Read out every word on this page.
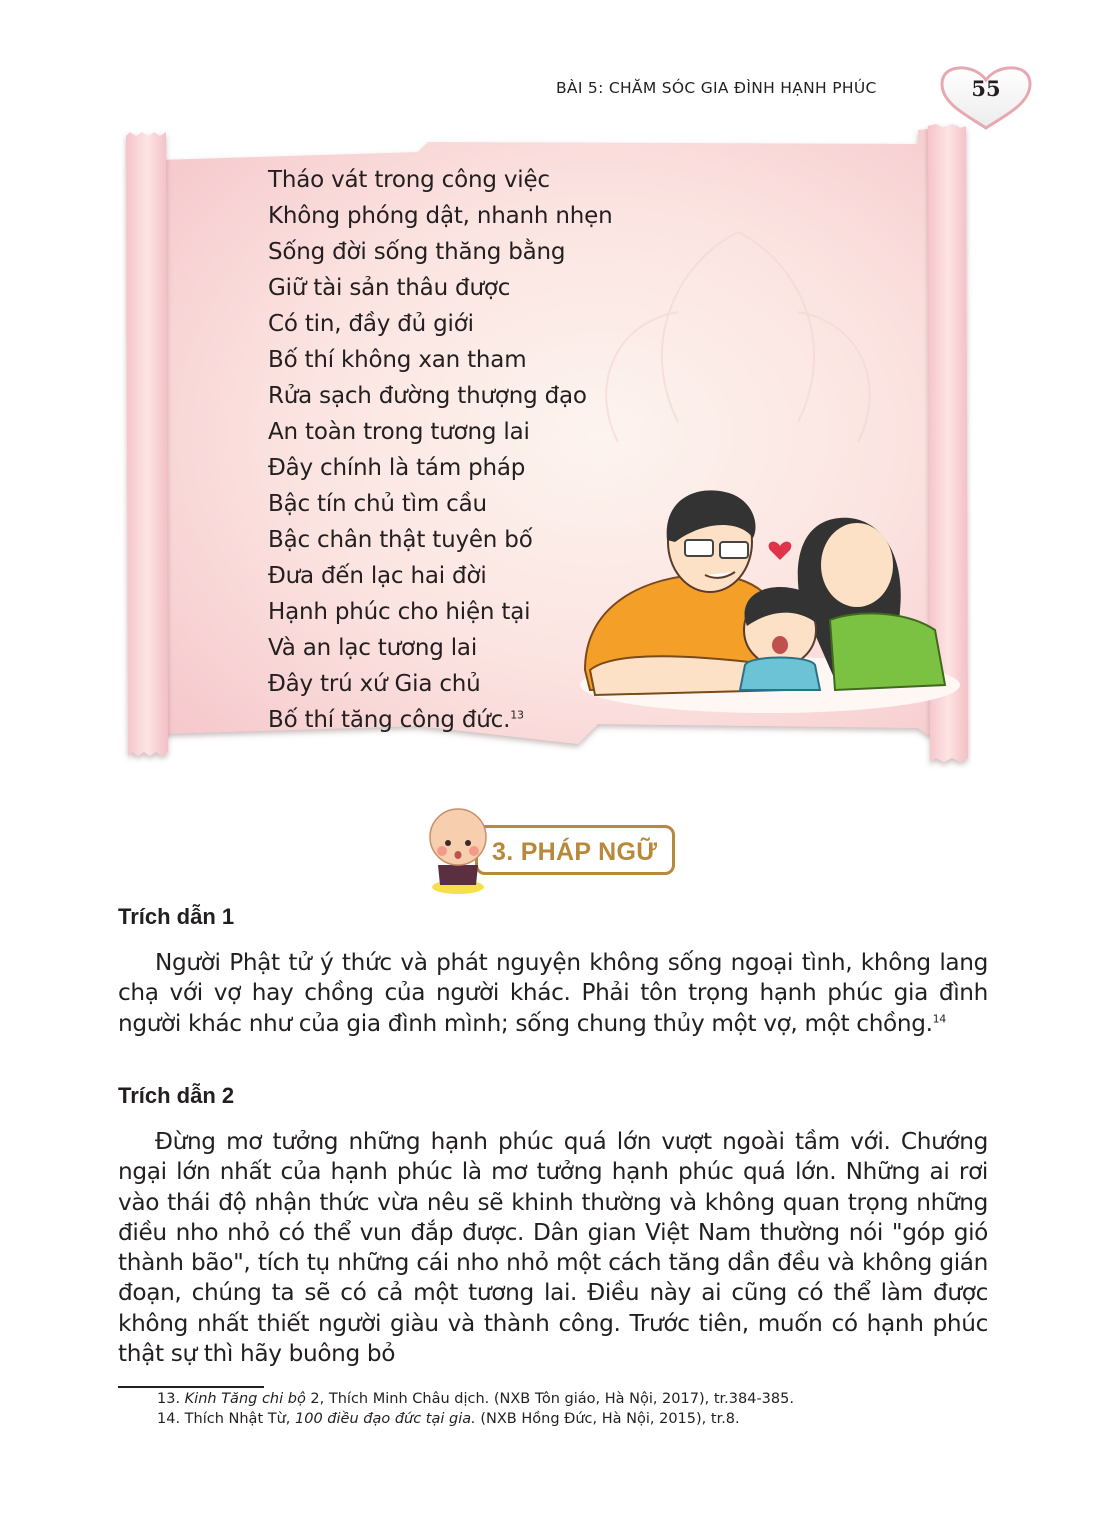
BÀI 5: CHĂM SÓC GIA ĐÌNH HẠNH PHÚC	55
Tháo vát trong công việc
Không phóng dật, nhanh nhẹn
Sống đời sống thăng bằng
Giữ tài sản thâu được
Có tin, đầy đủ giới
Bố thí không xan tham
Rửa sạch đường thượng đạo
An toàn trong tương lai
Đây chính là tám pháp
Bậc tín chủ tìm cầu
Bậc chân thật tuyên bố
Đưa đến lạc hai đời
Hạnh phúc cho hiện tại
Và an lạc tương lai
Đây trú xứ Gia chủ
Bố thí tăng công đức.$^{13}$
3. PHÁP NGỮ
Trích dẫn 1
Người Phật tử ý thức và phát nguyện không sống ngoại tình, không lang chạ với vợ hay chồng của người khác. Phải tôn trọng hạnh phúc gia đình người khác như của gia đình mình; sống chung thủy một vợ, một chồng.$^{14}$
Trích dẫn 2
Đừng mơ tưởng những hạnh phúc quá lớn vượt ngoài tầm với. Chướng ngại lớn nhất của hạnh phúc là mơ tưởng hạnh phúc quá lớn. Những ai rơi vào thái độ nhận thức vừa nêu sẽ khinh thường và không quan trọng những điều nho nhỏ có thể vun đắp được. Dân gian Việt Nam thường nói "góp gió thành bão", tích tụ những cái nho nhỏ một cách tăng dần đều và không gián đoạn, chúng ta sẽ có cả một tương lai. Điều này ai cũng có thể làm được không nhất thiết người giàu và thành công. Trước tiên, muốn có hạnh phúc thật sự thì hãy buông bỏ
13. Kinh Tăng chi bộ 2, Thích Minh Châu dịch. (NXB Tôn giáo, Hà Nội, 2017), tr.384-385.
14. Thích Nhật Từ, 100 điều đạo đức tại gia. (NXB Hồng Đức, Hà Nội, 2015), tr.8.
